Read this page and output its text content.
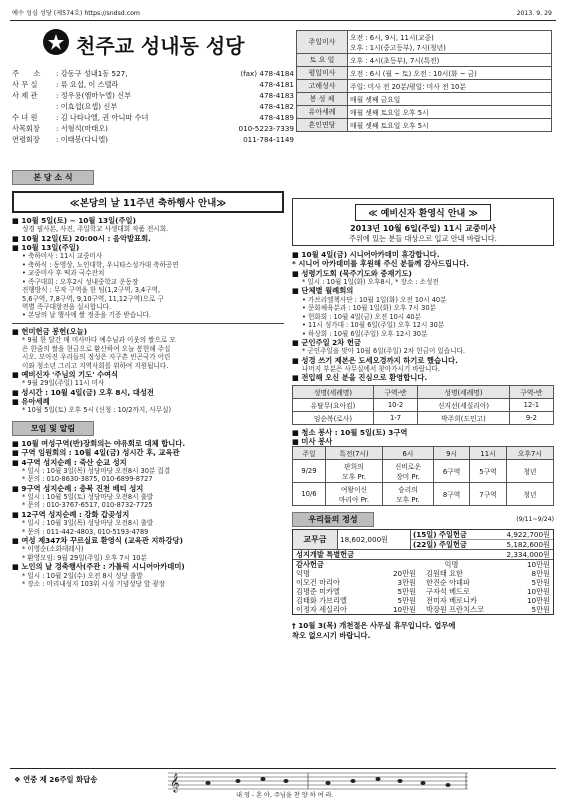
예수 성심 성당 (제574호) https://sndsd.com	2013. 9. 29
천주교 성내동 성당
주　　소	: 강동구 성내1동 527,	(fax) 478-4184
사 무 실	: 류 요섭, 이 스텔라	478-4181
사 제 관	: 정우용(엠마누엘) 신부	478-4183
: 이효섭(요셉) 신부	478-4182
수 녀 원	: 김 나타나엘, 권 아니따 수녀	478-4189
사목회장	: 서형석(마태오)	010-5223-7339
연령회장	: 이태봉(다니엘)	011-784-1149
주일미사	오전 : 6시, 9시, 11시(교중)
오후 : 1시(중고등부), 7시(청년)
토 요 일	오후 : 4시(초등부), 7시(특전)
평일미사	오전 : 6시 (월 ~ 토) 오전 : 10시(화 ~ 금)
고해성사	주일: 미사 전 20분/평일: 미사 전 10분
봉 성 체	매월 셋째 금요일
유아세례	매월 셋째 토요일 오후 5시
혼인면담	매월 셋째 토요일 오후 5시
본 당 소 식
≪본당의 날 11주년 축하행사 안내≫
■ 10월 5일(토) ~ 10월 13일(주일)
성경 필사본, 사진, 주일학교 사생대회 작품 전시회.
■ 10월 12일(토) 20:00시 : 음악발표회.
■ 10월 13일(주일)
• 축하미사 : 11시 교중미사
• 축하식 : 동영상, 노인대학, 우니타스성가대 축하공연
• 교중미사 후 떡과 국수잔치
• 족구대회 : 오후2시 성내중학교 운동장
진행방식 : 무작 구역을 한 팀(1,2구역, 3,4구역,
5,6구역, 7,8구역, 9,10구역, 11,12구역)으로 구
역별 족구대항전을 실시합니다.
• 본당의 날 행사에 쌀 정종을 기증 받습니다.
■ 헌미헌금 봉헌(오늘)
* 9월 한 달간 매 미사마다 예수님과 이웃의 쌀으로 모
은 한줌의 쌀을 현금으로 환산하여 오늘 봉헌해 주십
시오. 모아진 우리들의 정성은 지구촌 빈곤국가 어린
이와 청소년 그리고 지역사회를 위하여 지원됩니다.
■ 예비신자 '주님의 기도' 수여식
* 9월 29일(주일) 11시 미사
■ 성시간 : 10월 4일(금) 오후 8시, 대성전
■ 유아세례
* 10월 5일(토) 오후 5시 (신청 : 10/2까지, 사무실)
모임 및 알림
■ 10월 여성구역(반)장회의는 야유회로 대체 합니다.
■ 구역 임원회의 : 10월 4일(금) 성시간 후, 교육관
■ 4구역 성지순례 : 죽산 순교 성지
* 일시 : 10월 3일(목) 성당마당 오전8시 30분 집결
* 문의 : 010-8630-3875, 010-6899-8727
■ 9구역 성지순례 : 충북 진천 배티 성지
* 일시 : 10월 5일(토) 성당마당 오전8시 출발
* 문의 : 010-3767-6517, 010-8732-7725
■ 12구역 성지순례 : 강화 갑곶성지
* 일시 : 10월 3일(목) 성당마당 오전8시 출발
* 문의 : 011-442-4803, 010-5193-4789
■ 여성 제347차 꾸르실료 환영식 (교육관 지하강당)
* 이영순(소화데레사)
* 환영모임: 9월 29일(주일) 오후 7시 10분
■ 노인의 날 경축행사(주관 : 가톨릭 시니어아카데미)
* 일시 : 10월 2일(수) 오전 8시 성당 출발
* 장소 : 미리내성지 103위 시성 기념성당 앞 광장
≪ 예비신자 환영식 안내 ≫
2013년 10월 6일(주일) 11시 교중미사
주위에 있는 분들 대상으로 입교 안내 바랍니다.
■ 10월 4일(금) 시니어아카데미 휴강합니다.
* 시니어 아카데미를 후원해 주신 분들께 감사드립니다.
■ 성령기도회 (묵주기도와 중재기도)
* 일시 : 10월 1일(화) 오후8시, * 장소 : 소성전
■ 단체별 월례회의
• 가브리엘쳭사단 : 10월 1일(화) 오전 10시 40분
• 문화체육분과 : 10월 1일(화) 오후 7시 30분
• 헌화회 : 10월 4일(금) 오전 10시 40분
• 11시 성가대 : 10월 6일(주일) 오후 12시 30분
• 하상회 : 10월 6일(주일) 오후 12시 30분
■ 군인주일 2차 헌금
* 군인주일을 맞아 10월 6일(주일) 2차 헌금이 있습니다.
■ 성경 쓰기 제본은 도세오경까지 하기로 했습니다.
나머지 부분은 사무실에서 찾아가시기 바랍니다.
■ 전입해 오신 분을 진심으로 환영합니다.
성명(세례명)	구역-반	성명(세례명)	구역-반
유탈무(요아킴)	10-2	신지선(세실리아)	12-1
임순복(로사)	1-7	박주희(도민고)	9-2
■ 청소 봉사 : 10월 5일(토) 3구역
■ 미사 봉사
주일	특전(7시)	6시	9시	11시	오후7시
9/29	판희의
모후 Pr.	신비로운
장미 Pr.	6구역	5구역	청년
10/6	여왕이신
마리아 Pr.	승리의
모후 Pr.	8구역	7구역	청년
우리들의 정성	(9/11~9/24)
교무금	18,602,000원
(15일) 주일헌금	4,922,700원
(22일) 주일헌금	5,182,600원
성지개발 특별헌금	2,334,000원
감사헌금	익명	10만원
익명	20만원	김원태 요한	8만원
이모건 마리아	3만원	한진순 아녜파	5만원
김명준 미카엘	5만원	구자석 베드로	10만원
김태화 가브리엘	5만원	전미자 베로니카	10만원
이정자 세실리아	10만원	박장원 프란치스코	5만원
† 10월 3(목) 개천절은 사무실 휴무입니다. 업무에
착오 없으시기 바랍니다.
❖ 연중 제 26주일 화답송	𝄞
내 영 - 혼 아, 주님을 찬 양 하 여 라.
